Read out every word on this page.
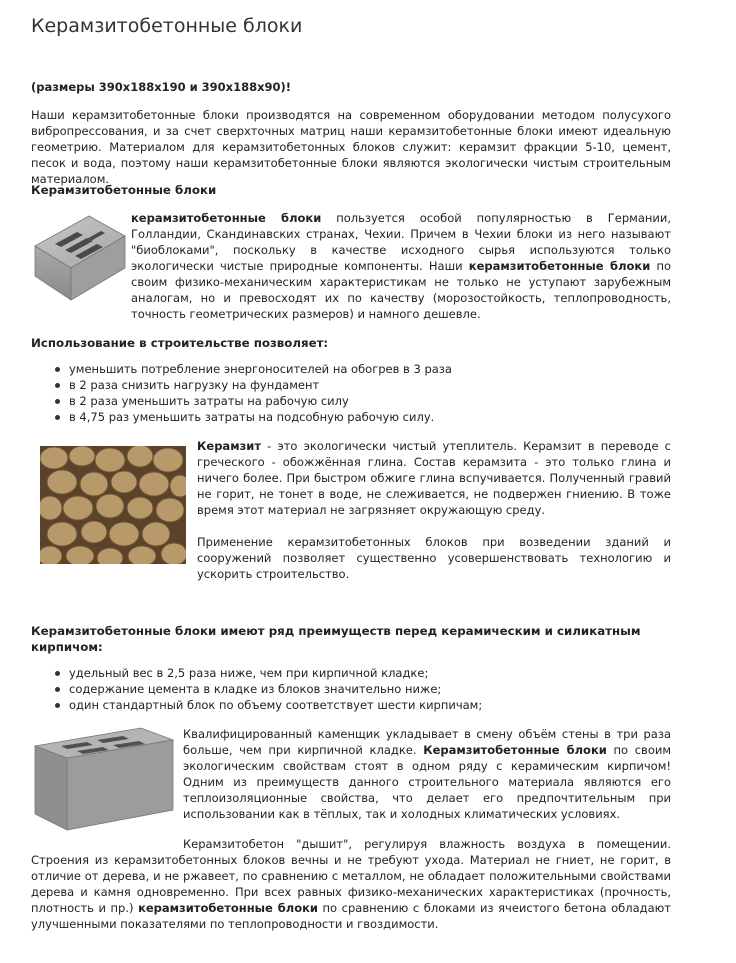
Керамзитобетонные блоки
(размеры 390x188x190 и 390x188x90)!

Наши керамзитобетонные блоки производятся на современном оборудовании методом полусухого вибропрессования, и за счет сверхточных матриц наши керамзитобетонные блоки имеют идеальную геометрию. Материалом для керамзитобетонных блоков служит: керамзит фракции 5-10, цемент, песок и вода, поэтому наши керамзитобетонные блоки являются экологически чистым строительным материалом.

Керамзитобетонные блоки

керамзитобетонные блоки пользуется особой популярностью в Германии, Голландии, Скандинавских странах, Чехии. Причем в Чехии блоки из него называют "биоблоками", поскольку в качестве исходного сырья используются только экологически чистые природные компоненты. Наши керамзитобетонные блоки по своим физико-механическим характеристикам не только не уступают зарубежным аналогам, но и превосходят их по качеству (морозостойкость, теплопроводность, точность геометрических размеров) и намного дешевле.

Использование в строительстве позволяет:
уменьшить потребление энергоносителей на обогрев в 3 раза
в 2 раза снизить нагрузку на фундамент
в 2 раза уменьшить затраты на рабочую силу
в 4,75 раз уменьшить затраты на подсобную рабочую силу.

Керамзит - это экологически чистый утеплитель. Керамзит в переводе с греческого - обожжённая глина. Состав керамзита - это только глина и ничего более. При быстром обжиге глина вспучивается. Полученный гравий не горит, не тонет в воде, не слеживается, не подвержен гниению. В тоже время этот материал не загрязняет окружающую среду.

Применение керамзитобетонных блоков при возведении зданий и сооружений позволяет существенно усовершенствовать технологию и ускорить строительство.

Керамзитобетонные блоки имеют ряд преимуществ перед керамическим и силикатным кирпичом:
удельный вес в 2,5 раза ниже, чем при кирпичной кладке;
содержание цемента в кладке из блоков значительно ниже;
один стандартный блок по объему соответствует шести кирпичам;

Квалифицированный каменщик укладывает в смену объём стены в три раза больше, чем при кирпичной кладке. Керамзитобетонные блоки по своим экологическим свойствам стоят в одном ряду с керамическим кирпичом! Одним из преимуществ данного строительного материала являются его теплоизоляционные свойства, что делает его предпочтительным при использовании как в тёплых, так и холодных климатических условиях.

Керамзитобетон "дышит", регулируя влажность воздуха в помещении. Строения из керамзитобетонных блоков вечны и не требуют ухода. Материал не гниет, не горит, в отличие от дерева, и не ржавеет, по сравнению с металлом, не обладает положительными свойствами дерева и камня одновременно. При всех равных физико-механических характеристиках (прочность, плотность и пр.) керамзитобетонные блоки по сравнению с блоками из ячеистого бетона обладают улучшенными показателями по теплопроводности и гвоздимости.
